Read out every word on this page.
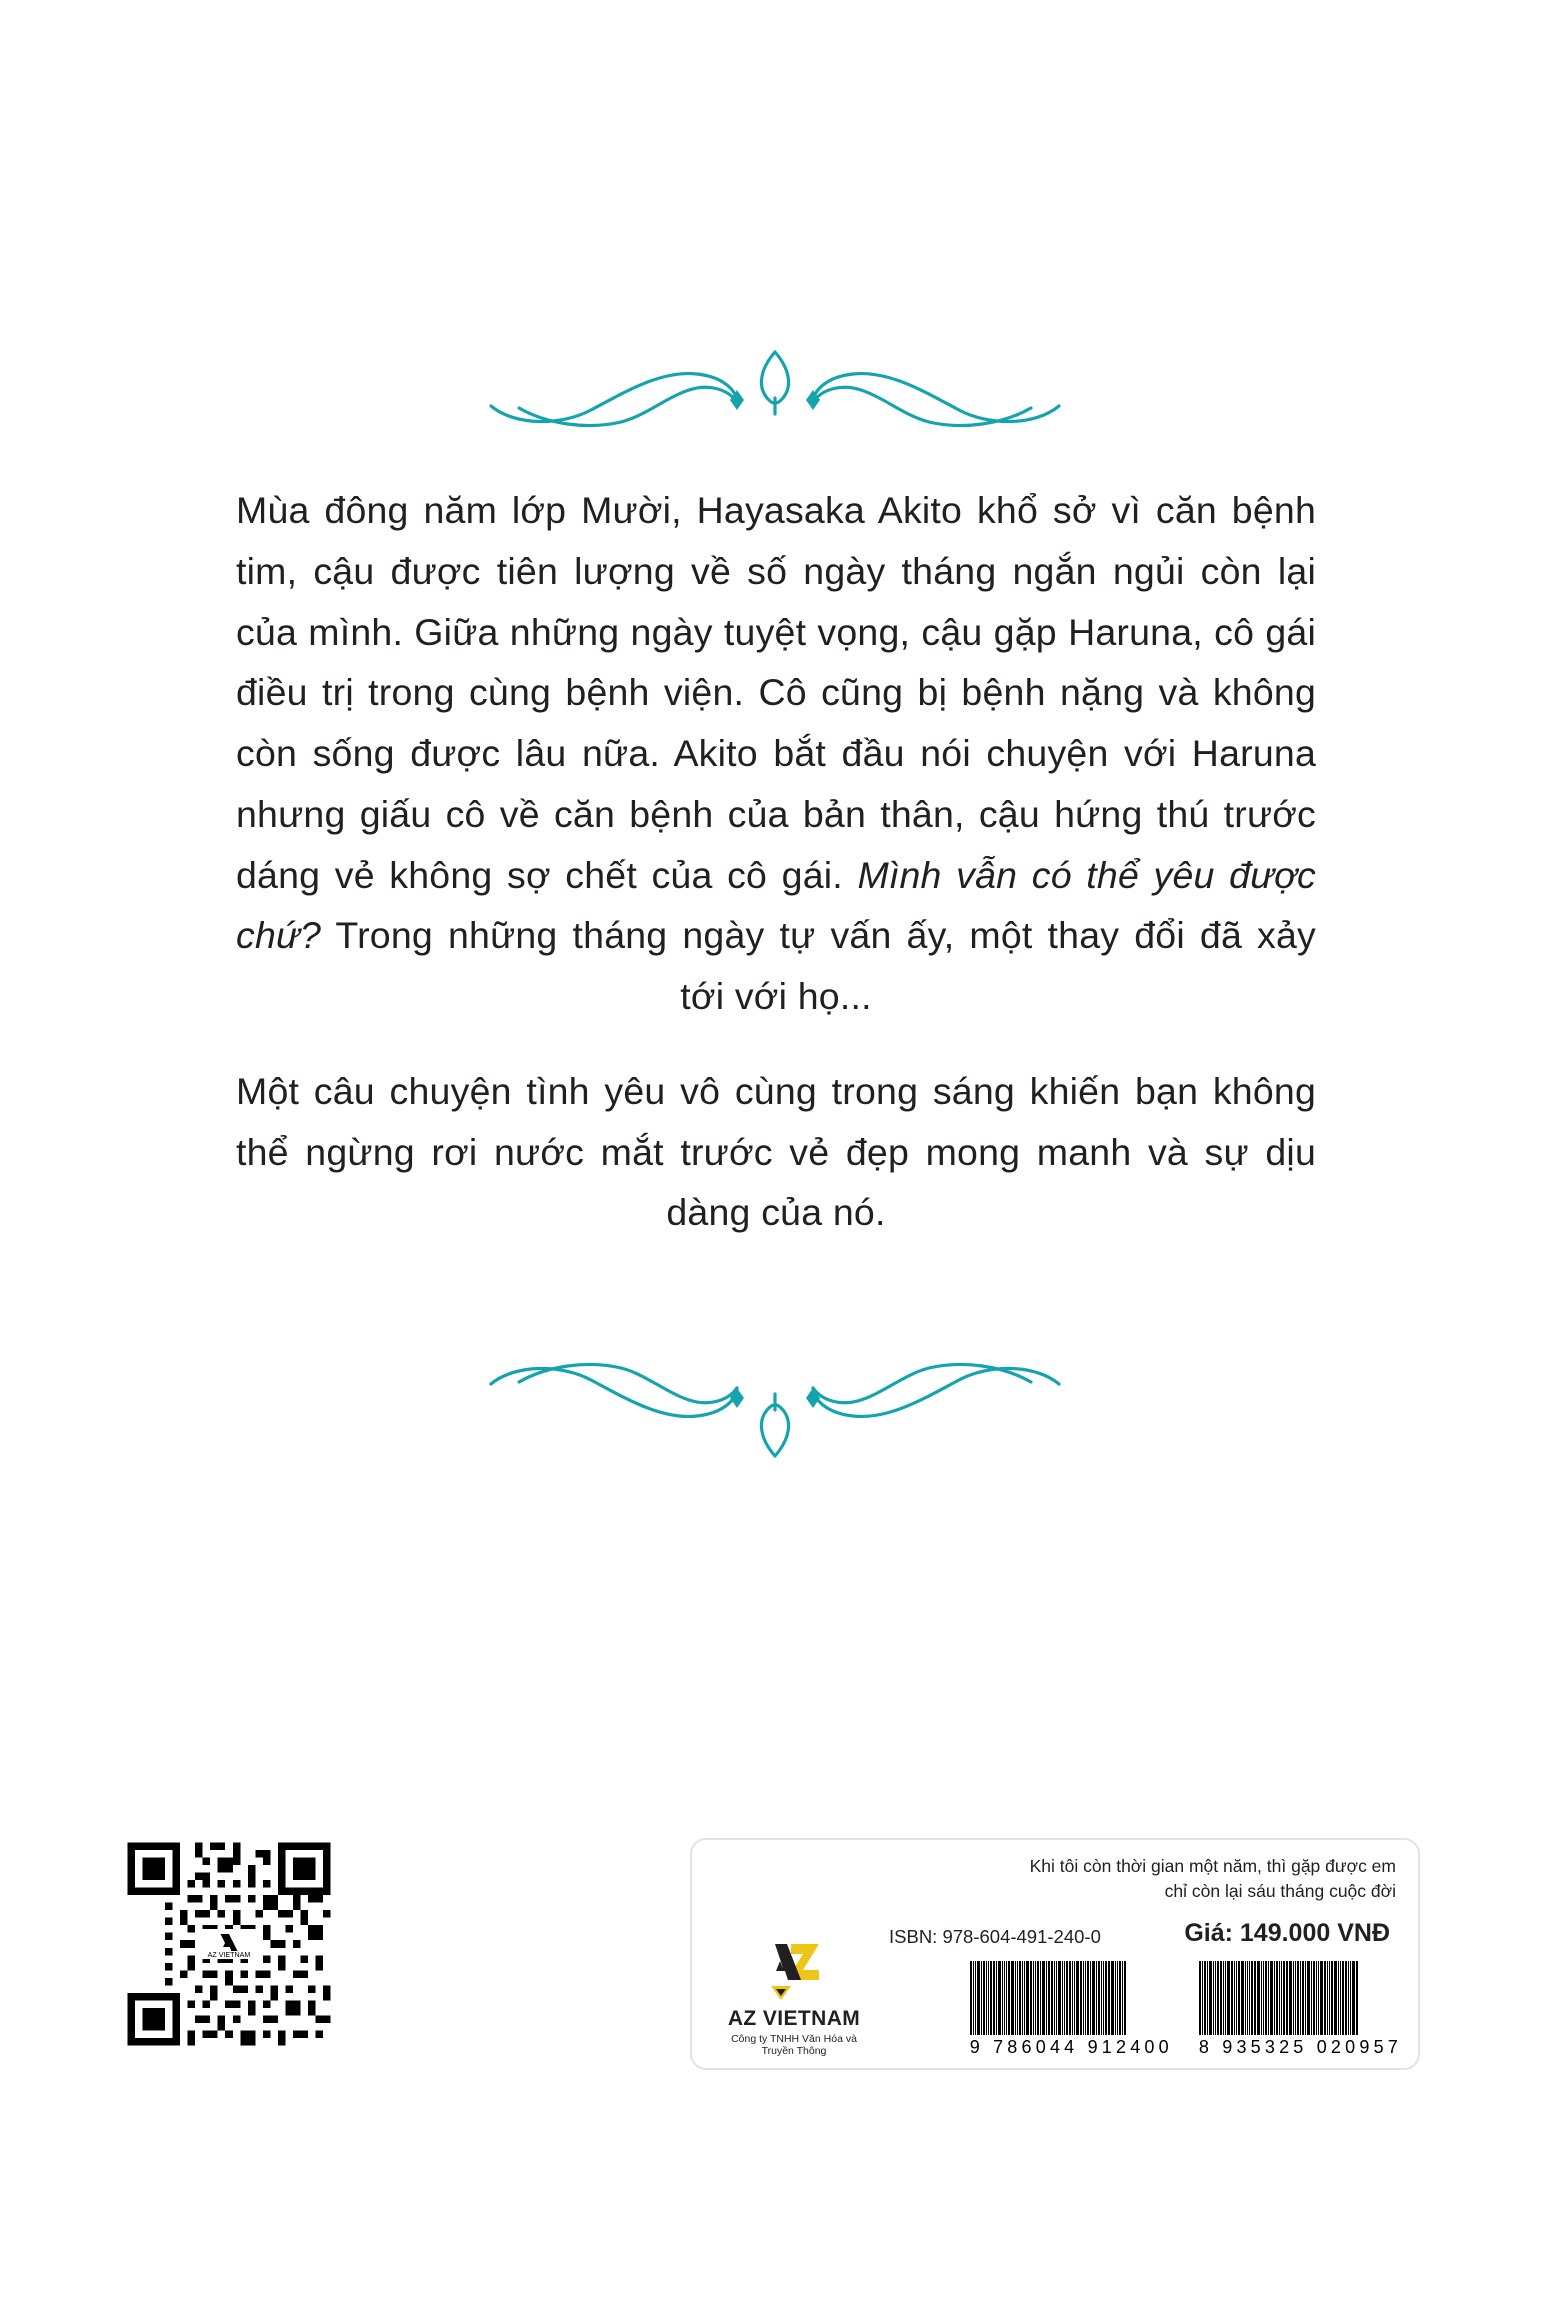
Mùa đông năm lớp Mười, Hayasaka Akito khổ sở vì căn bệnh tim, cậu được tiên lượng về số ngày tháng ngắn ngủi còn lại của mình. Giữa những ngày tuyệt vọng, cậu gặp Haruna, cô gái điều trị trong cùng bệnh viện. Cô cũng bị bệnh nặng và không còn sống được lâu nữa. Akito bắt đầu nói chuyện với Haruna nhưng giấu cô về căn bệnh của bản thân, cậu hứng thú trước dáng vẻ không sợ chết của cô gái. Mình vẫn có thể yêu được chứ? Trong những tháng ngày tự vấn ấy, một thay đổi đã xảy tới với họ...

Một câu chuyện tình yêu vô cùng trong sáng khiến bạn không thể ngừng rơi nước mắt trước vẻ đẹp mong manh và sự dịu dàng của nó.

Khi tôi còn thời gian một năm, thì gặp được em
chỉ còn lại sáu tháng cuộc đời
ISBN: 978-604-491-240-0	Giá: 149.000 VNĐ
AZ VIETNAM
Công ty TNHH Văn Hóa và Truyền Thông	9 786044 912400 8 935325 020957
